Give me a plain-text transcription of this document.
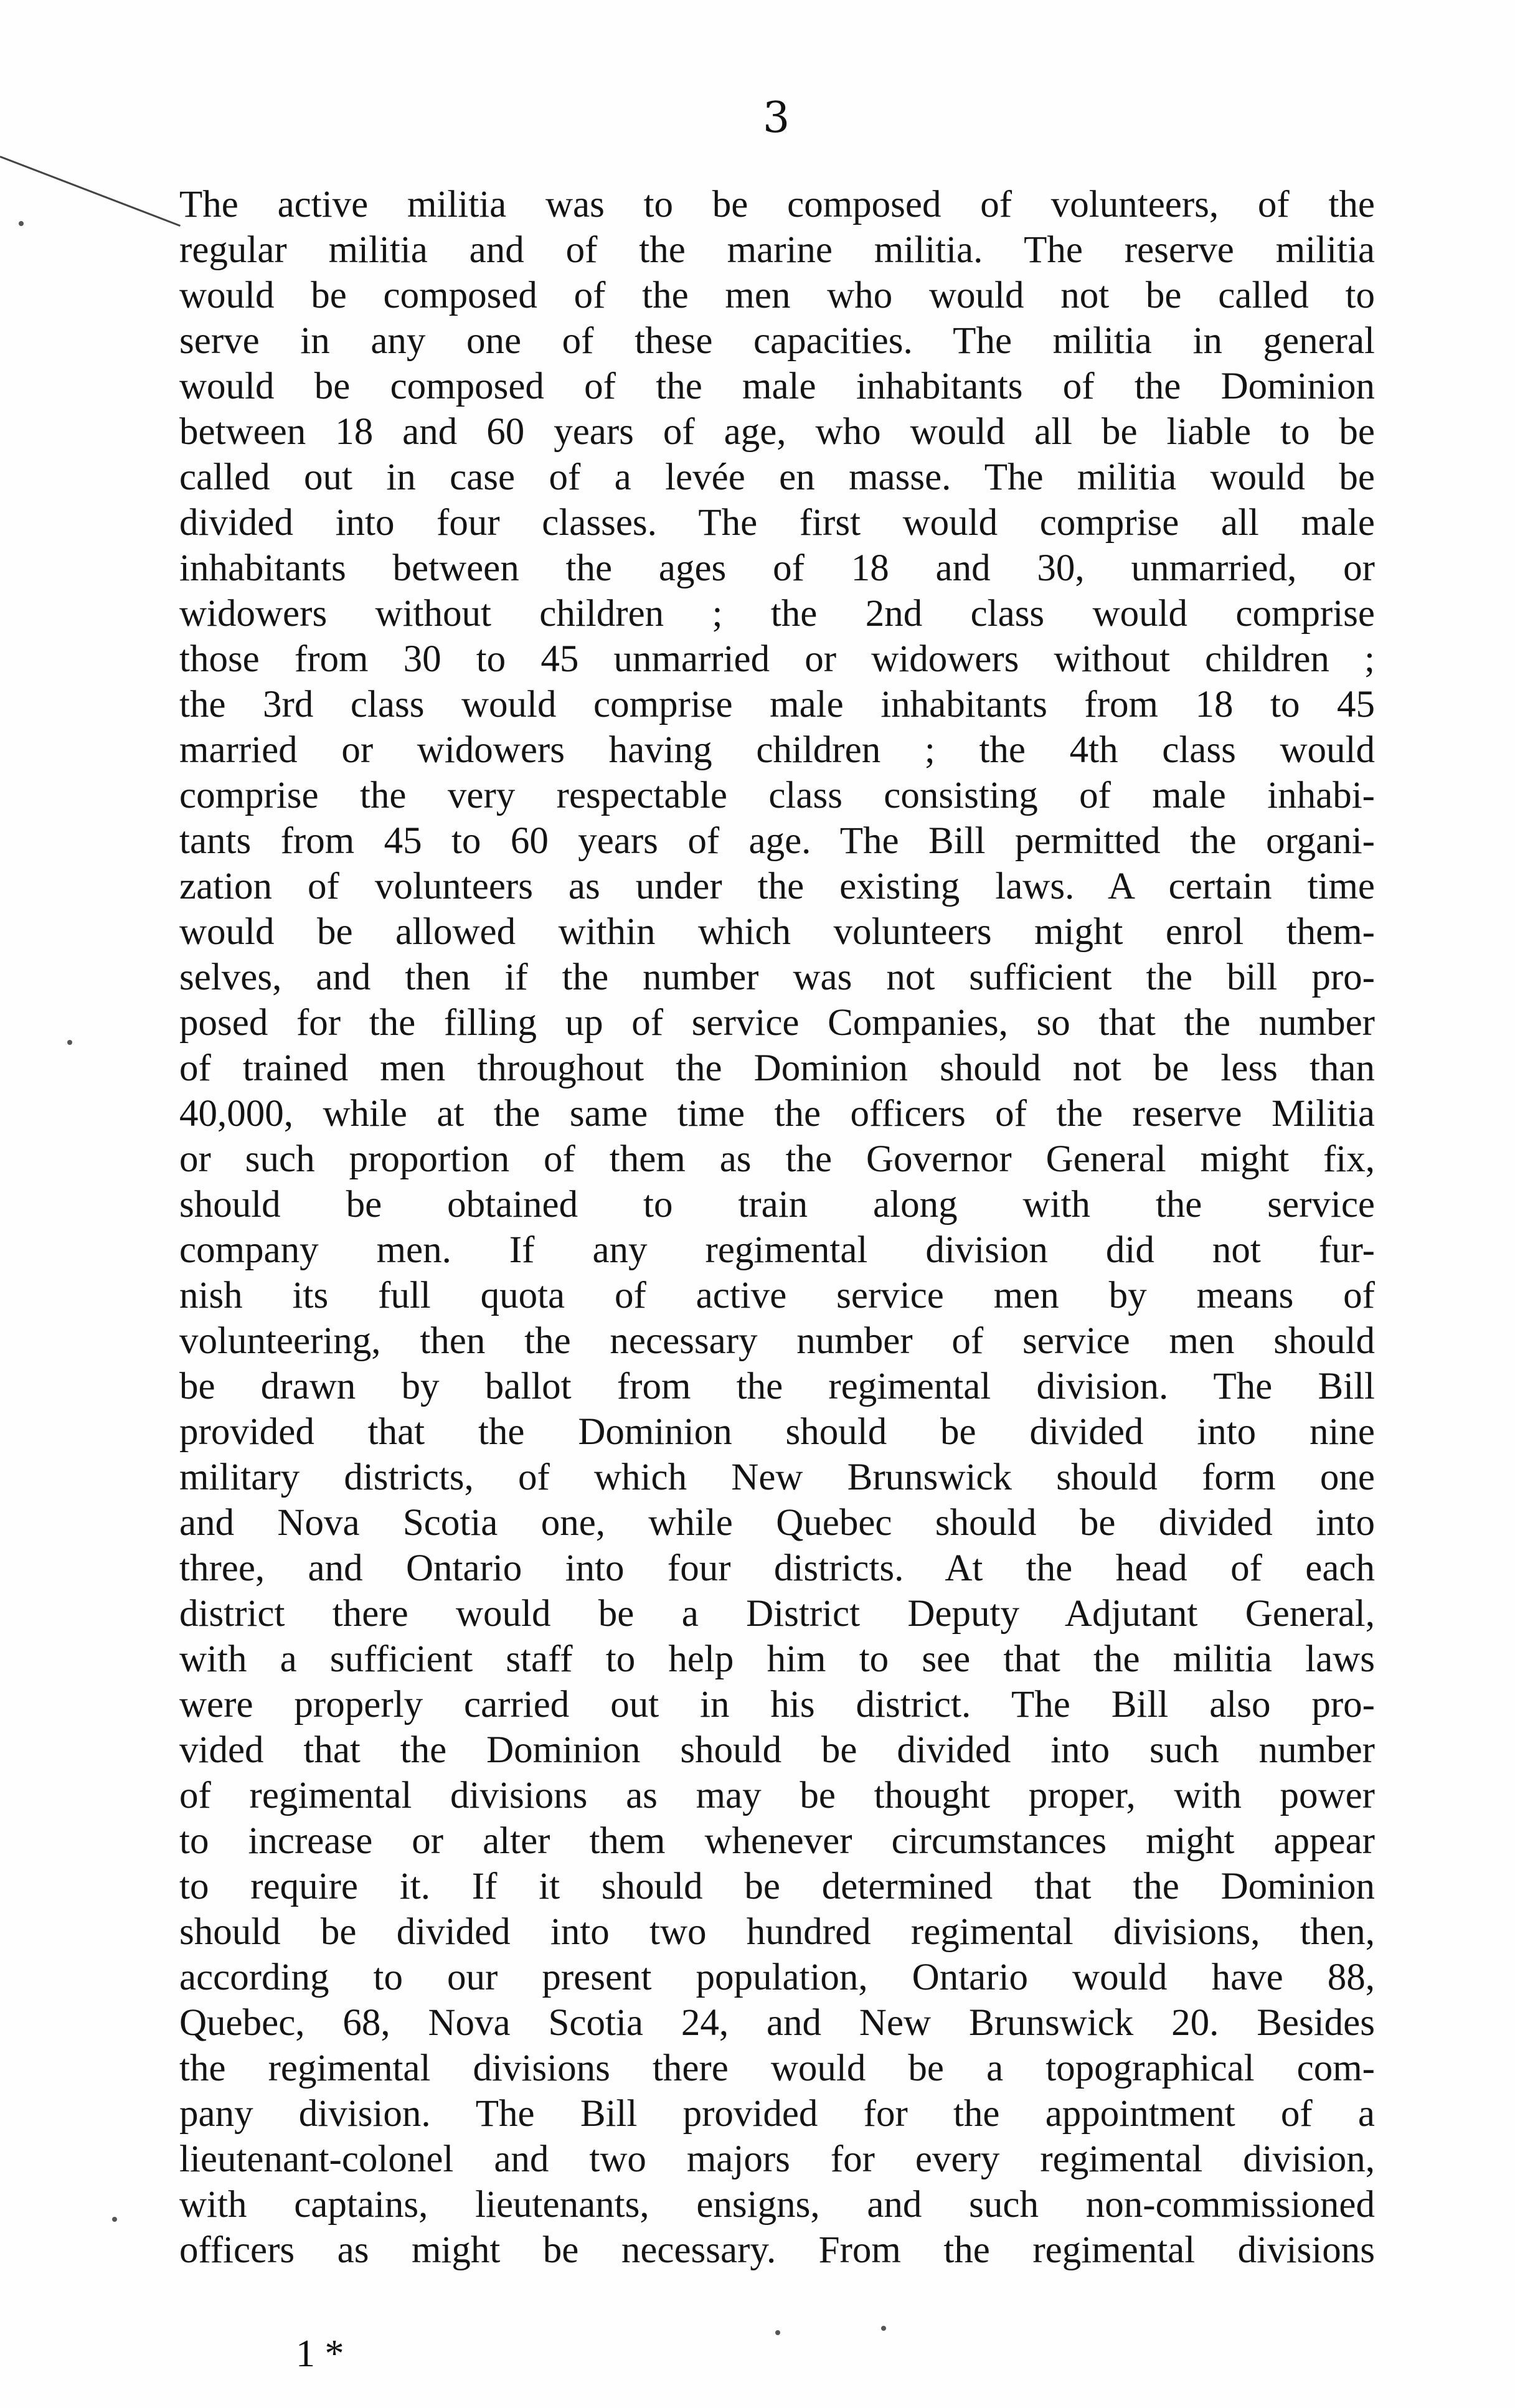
3
The active militia was to be composed of volunteers, of the
regular militia and of the marine militia. The reserve militia
would be composed of the men who would not be called to
serve in any one of these capacities. The militia in general
would be composed of the male inhabitants of the Dominion
between 18 and 60 years of age, who would all be liable to be
called out in case of a levée en masse. The militia would be
divided into four classes. The first would comprise all male
inhabitants between the ages of 18 and 30, unmarried, or
widowers without children ; the 2nd class would comprise
those from 30 to 45 unmarried or widowers without children ;
the 3rd class would comprise male inhabitants from 18 to 45
married or widowers having children ; the 4th class would
comprise the very respectable class consisting of male inhabi-
tants from 45 to 60 years of age. The Bill permitted the organi-
zation of volunteers as under the existing laws. A certain time
would be allowed within which volunteers might enrol them-
selves, and then if the number was not sufficient the bill pro-
posed for the filling up of service Companies, so that the number
of trained men throughout the Dominion should not be less than
40,000, while at the same time the officers of the reserve Militia
or such proportion of them as the Governor General might fix,
should be obtained to train along with the service
company men. If any regimental division did not fur-
nish its full quota of active service men by means of
volunteering, then the necessary number of service men should
be drawn by ballot from the regimental division. The Bill
provided that the Dominion should be divided into nine
military districts, of which New Brunswick should form one
and Nova Scotia one, while Quebec should be divided into
three, and Ontario into four districts. At the head of each
district there would be a District Deputy Adjutant General,
with a sufficient staff to help him to see that the militia laws
were properly carried out in his district. The Bill also pro-
vided that the Dominion should be divided into such number
of regimental divisions as may be thought proper, with power
to increase or alter them whenever circumstances might appear
to require it. If it should be determined that the Dominion
should be divided into two hundred regimental divisions, then,
according to our present population, Ontario would have 88,
Quebec, 68, Nova Scotia 24, and New Brunswick 20. Besides
the regimental divisions there would be a topographical com-
pany division. The Bill provided for the appointment of a
lieutenant-colonel and two majors for every regimental division,
with captains, lieutenants, ensigns, and such non-commissioned
officers as might be necessary. From the regimental divisions
1 *
